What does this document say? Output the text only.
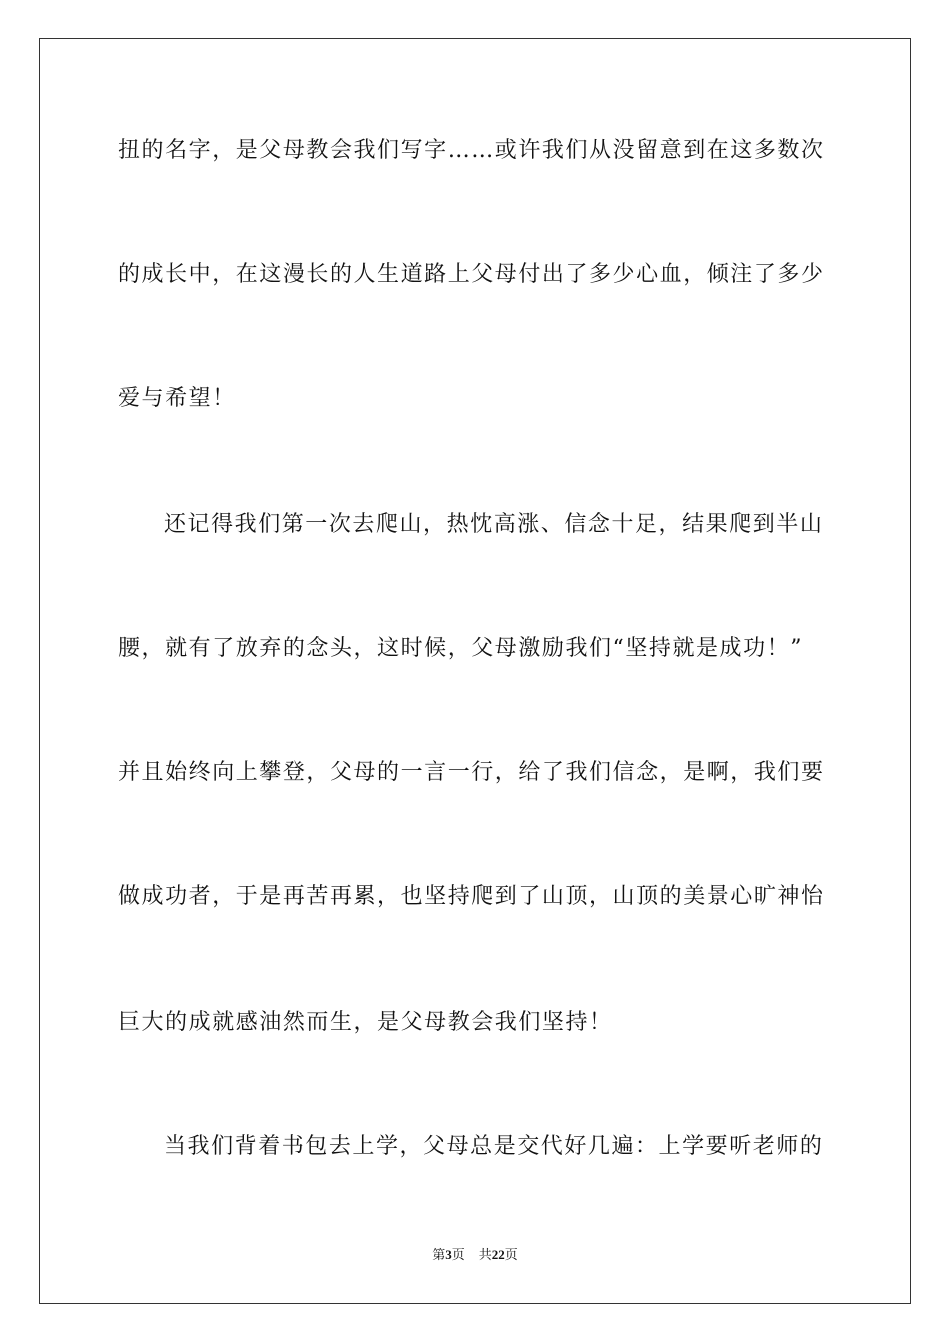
扭的名字，是父母教会我们写字……或许我们从没留意到在这多数次
的成长中，在这漫长的人生道路上父母付出了多少心血，倾注了多少
爱与希望！
还记得我们第一次去爬山，热忱高涨、信念十足，结果爬到半山
腰，就有了放弃的念头，这时候，父母激励我们“坚持就是成功！”
并且始终向上攀登，父母的一言一行，给了我们信念，是啊，我们要
做成功者，于是再苦再累，也坚持爬到了山顶，山顶的美景心旷神怡
巨大的成就感油然而生，是父母教会我们坚持！
当我们背着书包去上学，父母总是交代好几遍：上学要听老师的
第3页 共22页
